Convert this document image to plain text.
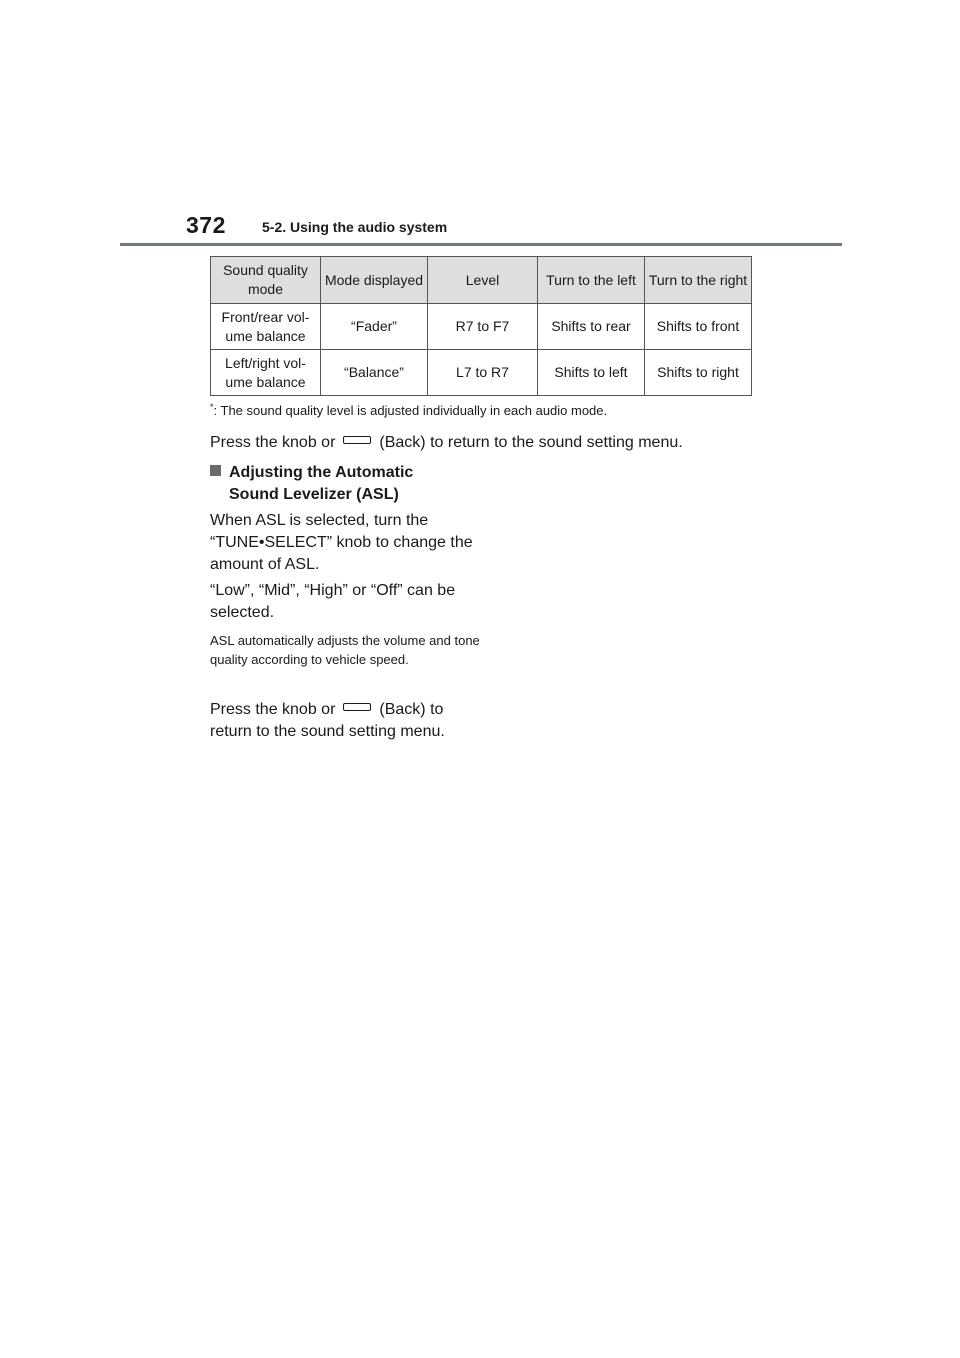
372	5-2. Using the audio system
Sound quality mode	Mode displayed	Level	Turn to the left	Turn to the right
Front/rear vol-ume balance	“Fader”	R7 to F7	Shifts to rear	Shifts to front
Left/right vol-ume balance	“Balance”	L7 to R7	Shifts to left	Shifts to right
*: The sound quality level is adjusted individually in each audio mode.
Press the knob or	(Back) to return to the sound setting menu.
Adjusting the Automatic
Sound Levelizer (ASL)
When ASL is selected, turn the “TUNE•SELECT” knob to change the amount of ASL.
“Low”, “Mid”, “High” or “Off” can be selected.
ASL automatically adjusts the volume and tone quality according to vehicle speed.
Press the knob or	(Back) to
return to the sound setting menu.
